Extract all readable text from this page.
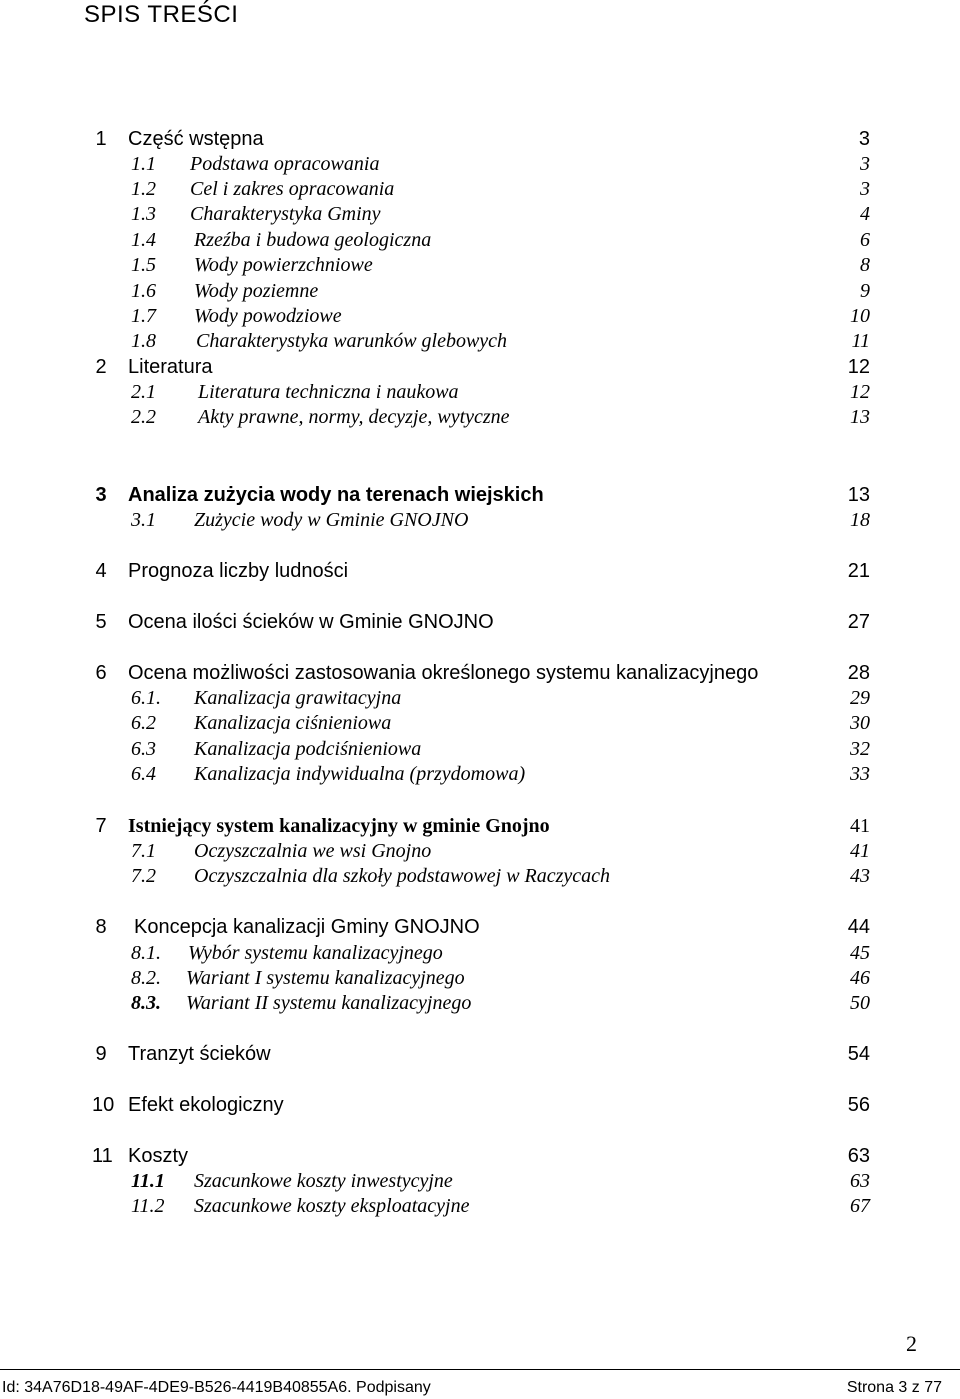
SPIS TREŚCI
1 Część wstępna	3
1.1 Podstawa opracowania	3
1.2 Cel i zakres opracowania	3
1.3 Charakterystyka Gminy	4
1.4 Rzeźba i budowa geologiczna	6
1.5 Wody powierzchniowe	8
1.6 Wody poziemne	9
1.7 Wody powodziowe	10
1.8 Charakterystyka warunków glebowych	11
2 Literatura	12
2.1 Literatura techniczna i naukowa	12
2.2 Akty prawne, normy, decyzje, wytyczne	13
3 Analiza zużycia wody na terenach wiejskich	13
3.1 Zużycie wody w Gminie GNOJNO	18
4 Prognoza liczby ludności	21
5 Ocena ilości ścieków w Gminie GNOJNO	27
6 Ocena możliwości zastosowania określonego systemu kanalizacyjnego	28
6.1. Kanalizacja grawitacyjna	29
6.2 Kanalizacja ciśnieniowa	30
6.3 Kanalizacja podciśnieniowa	32
6.4 Kanalizacja indywidualna (przydomowa)	33
7 Istniejący system kanalizacyjny w gminie Gnojno	41
7.1 Oczyszczalnia we wsi Gnojno	41
7.2 Oczyszczalnia dla szkoły podstawowej w Raczycach	43
8 Koncepcja kanalizacji Gminy GNOJNO	44
8.1. Wybór systemu kanalizacyjnego	45
8.2. Wariant I systemu kanalizacyjnego	46
8.3. Wariant II systemu kanalizacyjnego	50
9 Tranzyt ścieków	54
10 Efekt ekologiczny	56
11 Koszty	63
11.1 Szacunkowe koszty inwestycyjne	63
11.2 Szacunkowe koszty eksploatacyjne	67
2
Id: 34A76D18-49AF-4DE9-B526-4419B40855A6. Podpisany	Strona 3 z 77
